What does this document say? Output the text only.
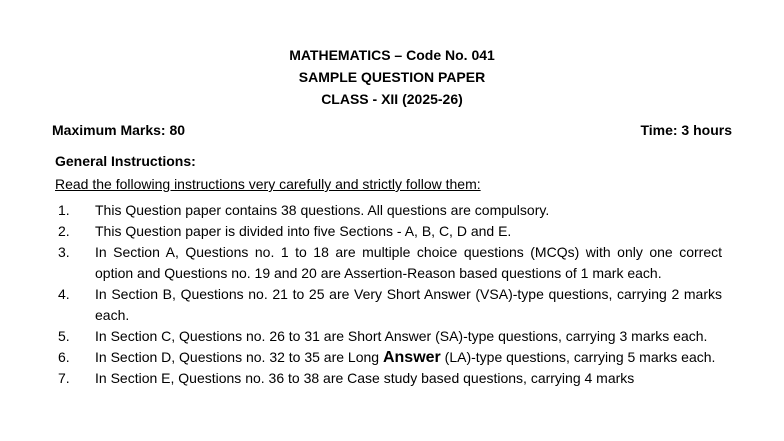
MATHEMATICS – Code No. 041
SAMPLE QUESTION PAPER
CLASS - XII (2025-26)
Maximum Marks: 80	Time: 3 hours
General Instructions:
Read the following instructions very carefully and strictly follow them:
1. This Question paper contains 38 questions. All questions are compulsory.
2. This Question paper is divided into five Sections - A, B, C, D and E.
3. In Section A, Questions no. 1 to 18 are multiple choice questions (MCQs) with only one correct option and Questions no. 19 and 20 are Assertion-Reason based questions of 1 mark each.
4. In Section B, Questions no. 21 to 25 are Very Short Answer (VSA)-type questions, carrying 2 marks each.
5. In Section C, Questions no. 26 to 31 are Short Answer (SA)-type questions, carrying 3 marks each.
6. In Section D, Questions no. 32 to 35 are Long Answer (LA)-type questions, carrying 5 marks each.
7. In Section E, Questions no. 36 to 38 are Case study based questions, carrying 4 marks
